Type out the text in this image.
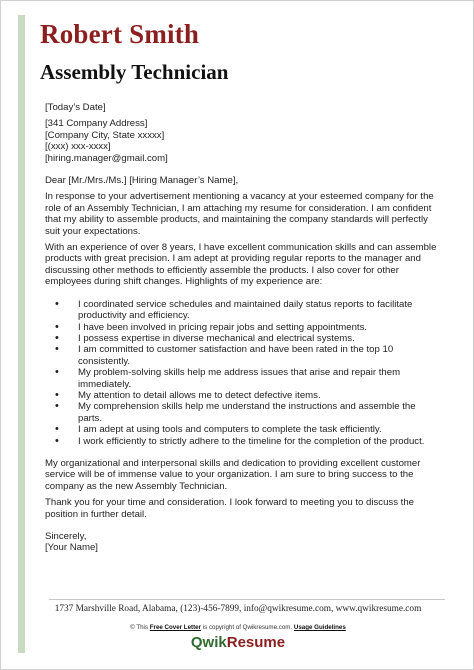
Robert Smith
Assembly Technician

[Today’s Date]

[341 Company Address]

[Company City, State xxxxx]

[(xxx) xxx-xxxx]

[hiring.manager@gmail.com]

Dear [Mr./Mrs./Ms.] [Hiring Manager’s Name],

In response to your advertisement mentioning a vacancy at your esteemed company for the

role of an Assembly Technician, I am attaching my resume for consideration. I am confident

that my ability to assemble products, and maintaining the company standards will perfectly

suit your expectations.

With an experience of over 8 years, I have excellent communication skills and can assemble

products with great precision. I am adept at providing regular reports to the manager and

discussing other methods to efficiently assemble the products. I also cover for other

employees during shift changes. Highlights of my experience are:

• I coordinated service schedules and maintained daily status reports to facilitate

productivity and efficiency.

• I have been involved in pricing repair jobs and setting appointments.

• I possess expertise in diverse mechanical and electrical systems.

• I am committed to customer satisfaction and have been rated in the top 10

consistently.

• My problem-solving skills help me address issues that arise and repair them

immediately.

• My attention to detail allows me to detect defective items.

• My comprehension skills help me understand the instructions and assemble the

parts.

• I am adept at using tools and computers to complete the task efficiently.

• I work efficiently to strictly adhere to the timeline for the completion of the product.

My organizational and interpersonal skills and dedication to providing excellent customer

service will be of immense value to your organization. I am sure to bring success to the

company as the new Assembly Technician.

Thank you for your time and consideration. I look forward to meeting you to discuss the

position in further detail.

Sincerely,

[Your Name]

1737 Marshville Road, Alabama, (123)-456-7899, info@qwikresume.com, www.qwikresume.com
© This Free Cover Letter is copyright of Qwikresume.com. Usage Guidelines
QwikResume
